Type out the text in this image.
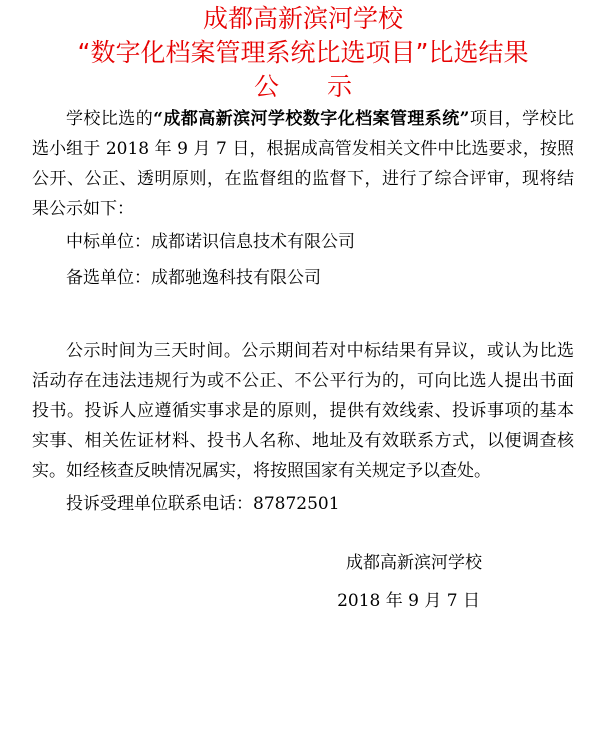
成都高新滨河学校
“数字化档案管理系统比选项目”比选结果
公示

学校比选的“成都高新滨河学校数字化档案管理系统”项目，学校比选小组于 2018 年 9 月 7 日，根据成高管发相关文件中比选要求，按照公开、公正、透明原则，在监督组的监督下，进行了综合评审，现将结果公示如下：

中标单位：成都诺识信息技术有限公司

备选单位：成都驰逸科技有限公司

公示时间为三天时间。公示期间若对中标结果有异议，或认为比选活动存在违法违规行为或不公正、不公平行为的，可向比选人提出书面投书。投诉人应遵循实事求是的原则，提供有效线索、投诉事项的基本实事、相关佐证材料、投书人名称、地址及有效联系方式，以便调查核实。如经核查反映情况属实，将按照国家有关规定予以查处。

投诉受理单位联系电话：87872501

成都高新滨河学校
2018 年 9 月 7 日
